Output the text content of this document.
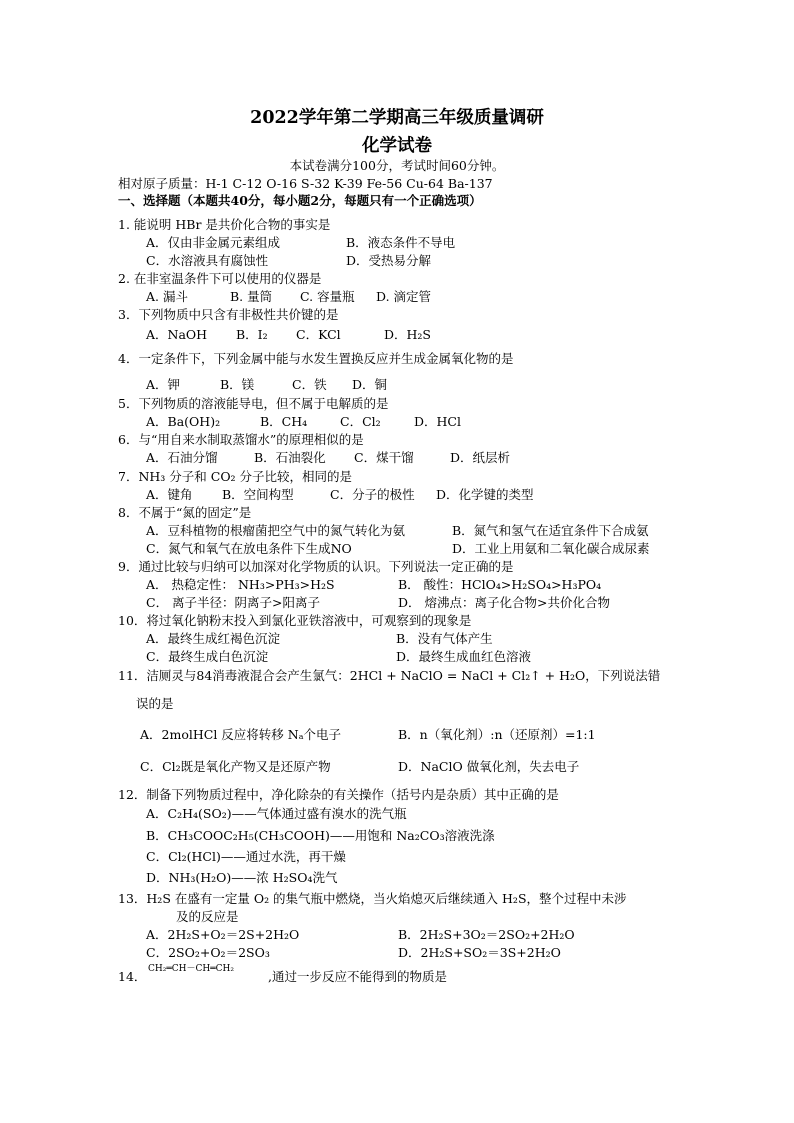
2022学年第二学期高三年级质量调研
化学试卷
本试卷满分100分，考试时间60分钟。
相对原子质量：H-1 C-12 O-16 S-32 K-39 Fe-56 Cu-64 Ba-137
一、选择题（本题共40分，每小题2分，每题只有一个正确选项）
1. 能说明 HBr 是共价化合物的事实是
A．仅由非金属元素组成	B．液态条件不导电
C．水溶液具有腐蚀性	D．受热易分解
2. 在非室温条件下可以使用的仪器是
A. 漏斗	B. 量筒 C. 容量瓶 D. 滴定管
3．下列物质中只含有非极性共价键的是
A．NaOH B．I₂ C．KCl	D．H₂S
4．一定条件下，下列金属中能与水发生置换反应并生成金属氧化物的是
A．钾	B．镁	C．铁 D．铜
5．下列物质的溶液能导电，但不属于电解质的是
A．Ba(OH)₂	B．CH₄	C．Cl₂	D．HCl
6．与“用自来水制取蒸馏水”的原理相似的是
A．石油分馏	B．石油裂化 C．煤干馏	D．纸层析
7．NH₃ 分子和 CO₂ 分子比较，相同的是
A．键角 B．空间构型	C．分子的极性 D．化学键的类型
8．不属于“氮的固定”是
A．豆科植物的根瘤菌把空气中的氮气转化为氨	B．氮气和氢气在适宜条件下合成氨
C．氮气和氧气在放电条件下生成NO	D．工业上用氨和二氧化碳合成尿素
9．通过比较与归纳可以加深对化学物质的认识。下列说法一定正确的是
A． 热稳定性： NH₃>PH₃>H₂S	B． 酸性：HClO₄>H₂SO₄>H₃PO₄
C． 离子半径：阴离子>阳离子	D． 熔沸点：离子化合物>共价化合物
10．将过氧化钠粉末投入到氯化亚铁溶液中，可观察到的现象是
A．最终生成红褐色沉淀	B．没有气体产生
C．最终生成白色沉淀	D．最终生成血红色溶液
11．洁厕灵与84消毒液混合会产生氯气：2HCl + NaClO = NaCl + Cl₂↑ + H₂O，下列说法错
误的是
A．2molHCl 反应将转移 Nₐ个电子	B．n（氧化剂）:n（还原剂）=1:1
C．Cl₂既是氧化产物又是还原产物	D．NaClO 做氧化剂，失去电子
12．制备下列物质过程中，净化除杂的有关操作（括号内是杂质）其中正确的是
A．C₂H₄(SO₂)——气体通过盛有溴水的洗气瓶
B．CH₃COOC₂H₅(CH₃COOH)——用饱和 Na₂CO₃溶液洗涤
C．Cl₂(HCl)——通过水洗，再干燥
D．NH₃(H₂O)——浓 H₂SO₄洗气
13．H₂S 在盛有一定量 O₂ 的集气瓶中燃烧，当火焰熄灭后继续通入 H₂S，整个过程中未涉
及的反应是
A．2H₂S+O₂＝2S+2H₂O	B．2H₂S+3O₂＝2SO₂+2H₂O
C．2SO₂+O₂＝2SO₃	D．2H₂S+SO₂＝3S+2H₂O
14． CH₂═CH－CH═CH₂	,通过一步反应不能得到的物质是
